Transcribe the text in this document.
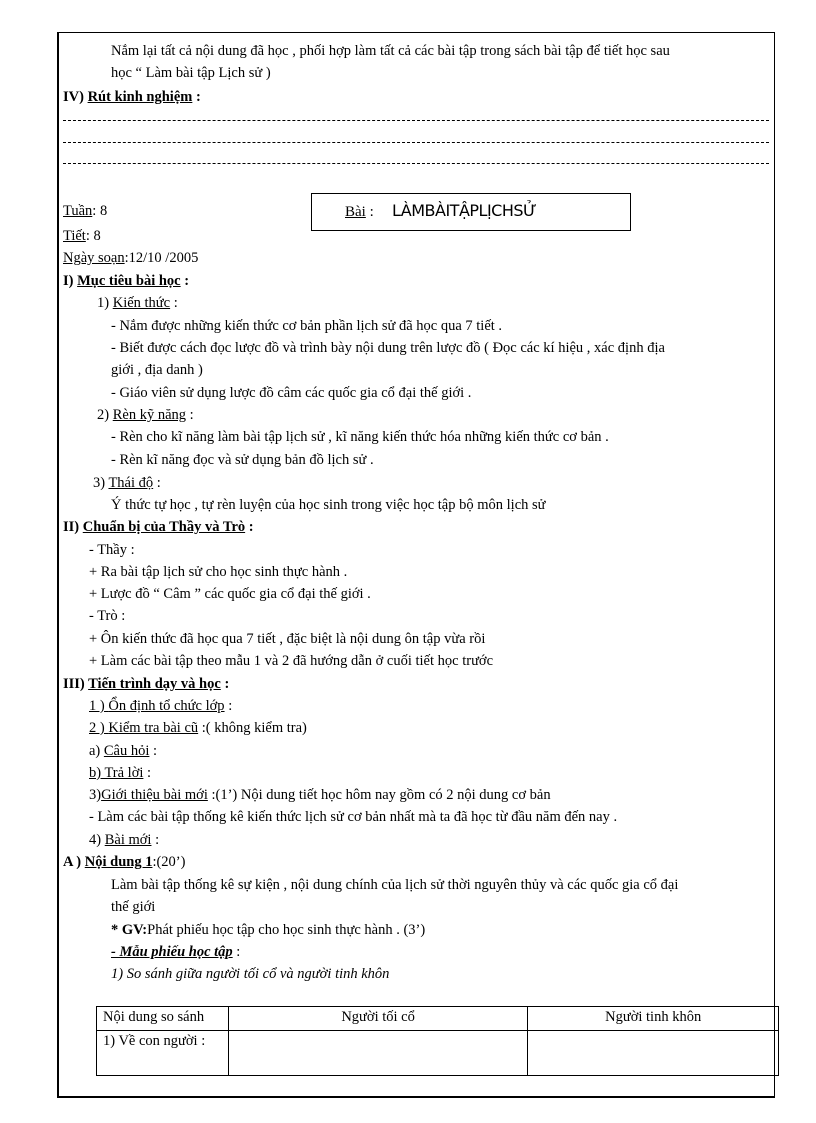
Nắm lại tất cả nội dung đã học , phối hợp làm tất cả các bài tập trong sách bài tập để tiết học sau
học “ Làm bài tập Lịch sử )
IV) Rút kinh nghiệm :
Bài : LÀMBÀITẬPLỊCHSỬ
Tuần: 8
Tiết: 8
Ngày soạn:12/10 /2005
I) Mục tiêu bài học :
1) Kiến thức :
- Nắm được những kiến thức cơ bản phần lịch sử đã học qua 7 tiết .
- Biết được cách đọc lược đồ và trình bày nội dung trên lược đồ ( Đọc các kí hiệu , xác định địa
giới , địa danh )
- Giáo viên sử dụng lược đồ câm các quốc gia cổ đại thế giới .
2) Rèn kỹ năng :
- Rèn cho kĩ năng làm bài tập lịch sử , kĩ năng kiến thức hóa những kiến thức cơ bản .
- Rèn kĩ năng đọc và sử dụng bản đồ lịch sử .
3) Thái độ :
Ý thức tự học , tự rèn luyện của học sinh trong việc học tập bộ môn lịch sử
II) Chuẩn bị của Thầy và Trò :
- Thầy :
+ Ra bài tập lịch sử cho học sinh thực hành .
+ Lược đồ “ Câm ” các quốc gia cổ đại thế giới .
- Trò :
+ Ôn kiến thức đã học qua 7 tiết , đặc biệt là nội dung ôn tập vừa rồi
+ Làm các bài tập theo mẫu 1 và 2 đã hướng dẫn ở cuối tiết học trước
III) Tiến trình dạy và học :
1 ) Ổn định tổ chức lớp :
2 ) Kiểm tra bài cũ :( không kiểm tra)
a) Câu hỏi :
b) Trả lời :
3)Giới thiệu bài mới :(1’) Nội dung tiết học hôm nay gồm có 2 nội dung cơ bản
- Làm các bài tập thống kê kiến thức lịch sử cơ bản nhất mà ta đã học từ đầu năm đến nay .
4) Bài mới :
A ) Nội dung 1:(20’)
Làm bài tập thống kê sự kiện , nội dung chính của lịch sử thời nguyên thủy và các quốc gia cổ đại
thế giới
* GV:Phát phiếu học tập cho học sinh thực hành . (3’)
- Mẫu phiếu học tập :
1) So sánh giữa người tối cổ và người tinh khôn
Nội dung so sánh	Người tối cổ	Người tinh khôn
1) Về con người :		
